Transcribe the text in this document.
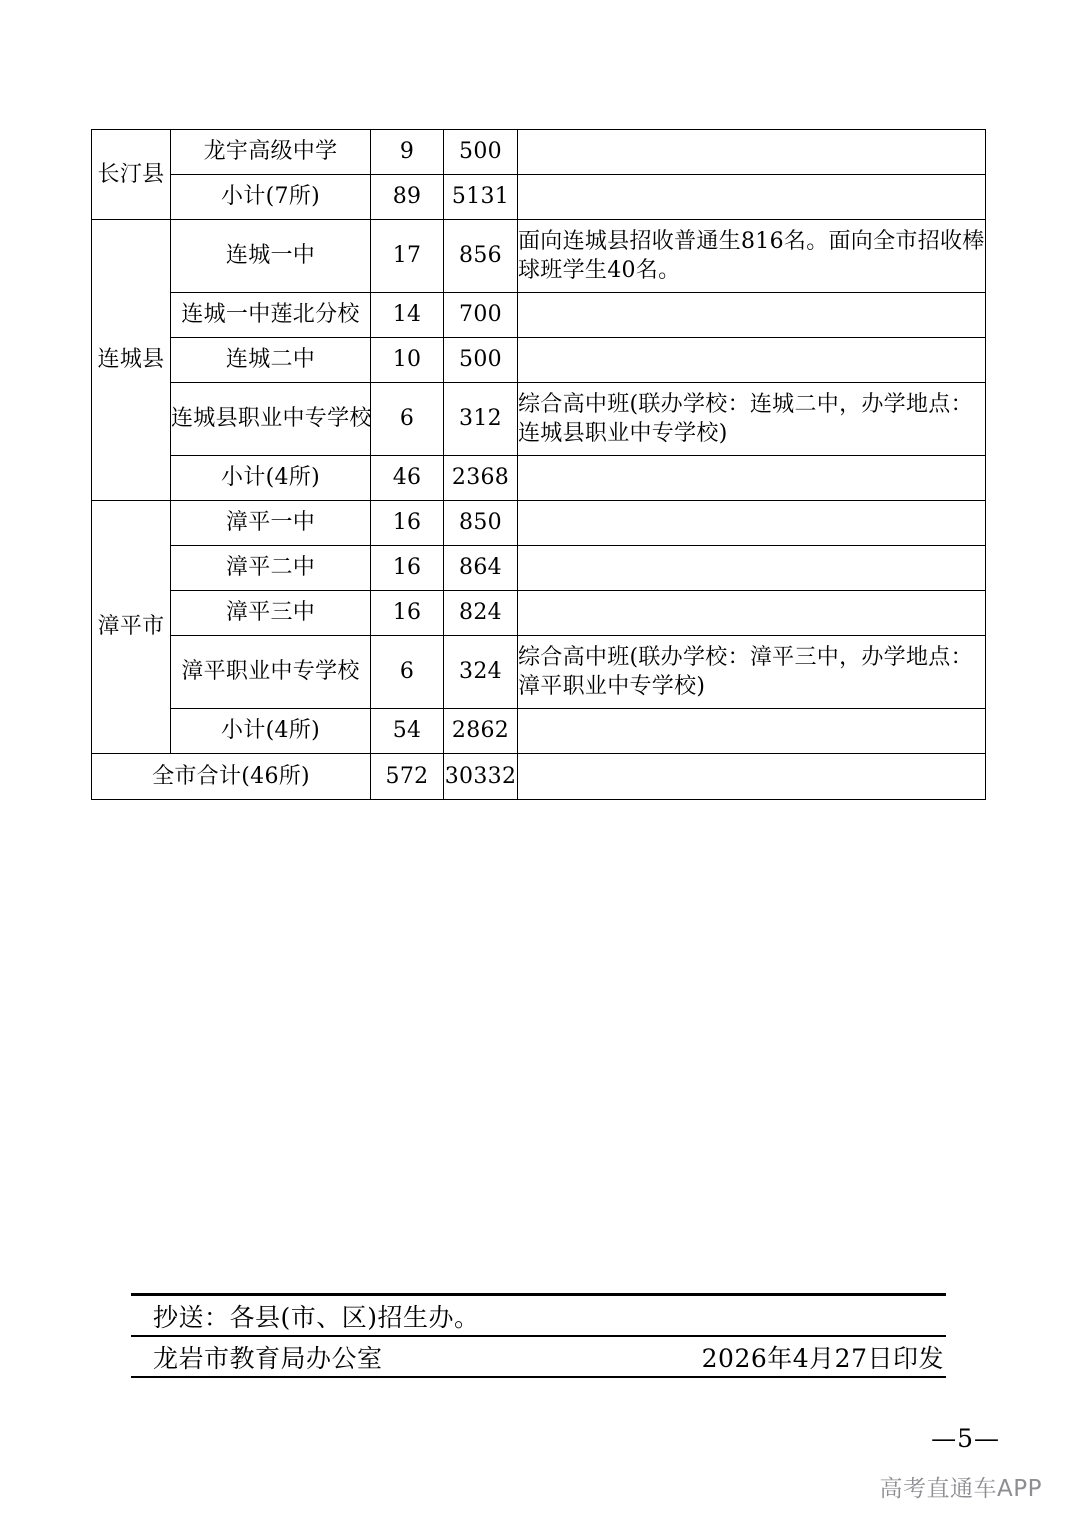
长汀县	龙宇高级中学	9	500	
	小计(7所)	89	5131	
连城县	连城一中	17	856	面向连城县招收普通生816名。面向全市招收棒球班学生40名。
	连城一中莲北分校	14	700	
	连城二中	10	500	
	连城县职业中专学校	6	312	综合高中班(联办学校：连城二中，办学地点：连城县职业中专学校)
	小计(4所)	46	2368	
漳平市	漳平一中	16	850	
	漳平二中	16	864	
	漳平三中	16	824	
	漳平职业中专学校	6	324	综合高中班(联办学校：漳平三中，办学地点：漳平职业中专学校)
	小计(4所)	54	2862	
全市合计(46所)		572	30332	
抄送：各县(市、区)招生办。
龙岩市教育局办公室	2026年4月27日印发
—5—
高考直通车APP
